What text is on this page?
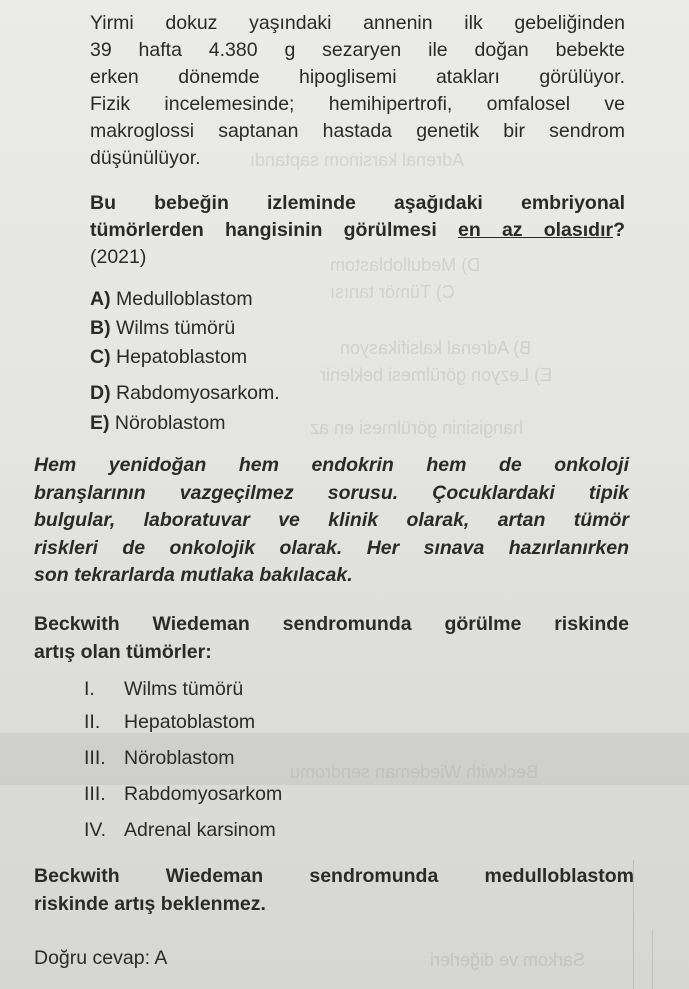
Adrenal karsinom saptandı
D) Medulloblastom
C) Tümör tanısı
B) Adrenal kalsifikasyon
E) Lezyon görülmesi beklenir
hangisinin görülmesi en az
Beckwith Wiedeman sendromu
Sarkom ve diğerleri
Yirmi dokuz yaşındaki annenin ilk gebeliğinden
39 hafta 4.380 g sezaryen ile doğan bebekte
erken dönemde hipoglisemi atakları görülüyor.
Fizik incelemesinde; hemihipertrofi, omfalosel ve
makroglossi saptanan hastada genetik bir sendrom
düşünülüyor.
Bu bebeğin izleminde aşağıdaki embriyonal
tümörlerden hangisinin görülmesi en az olasıdır?
(2021)
A) Medulloblastom
B) Wilms tümörü
C) Hepatoblastom
D) Rabdomyosarkom.
E) Nöroblastom
Hem yenidoğan hem endokrin hem de onkoloji
branşlarının vazgeçilmez sorusu. Çocuklardaki tipik
bulgular, laboratuvar ve klinik olarak, artan tümör
riskleri de onkolojik olarak. Her sınava hazırlanırken
son tekrarlarda mutlaka bakılacak.
Beckwith Wiedeman sendromunda görülme riskinde
artış olan tümörler:
I. Wilms tümörü
II. Hepatoblastom
III. Nöroblastom
III. Rabdomyosarkom
IV. Adrenal karsinom
Beckwith Wiedeman sendromunda medulloblastom
riskinde artış beklenmez.
Doğru cevap: A
